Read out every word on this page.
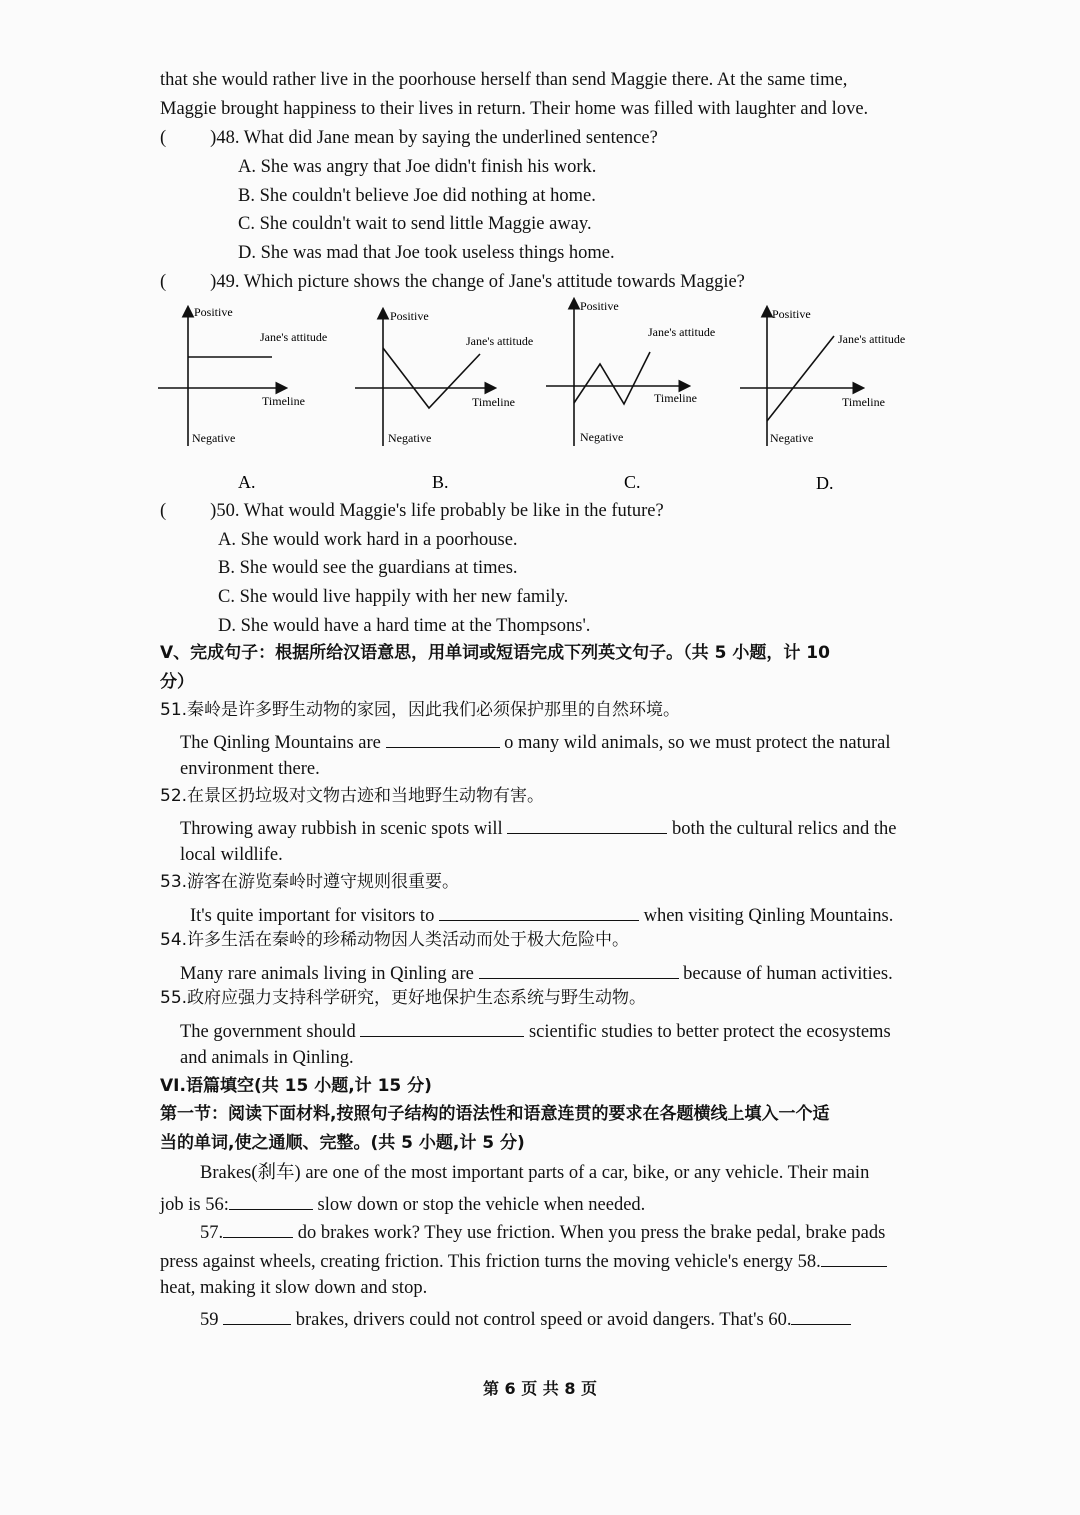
that she would rather live in the poorhouse herself than send Maggie there. At the same time,
Maggie brought happiness to their lives in return. Their home was filled with laughter and love.
( )48. What did Jane mean by saying the underlined sentence?
A. She was angry that Joe didn't finish his work.
B. She couldn't believe Joe did nothing at home.
C. She couldn't wait to send little Maggie away.
D. She was mad that Joe took useless things home.
( )49. Which picture shows the change of Jane's attitude towards Maggie?
Positive
Negative
Timeline
Jane's attitude
A.
Positive
Negative
Timeline
Jane's attitude
B.
Positive
Negative
Timeline
Jane's attitude
C.
Positive
Negative
Timeline
Jane's attitude
D.
( )50. What would Maggie's life probably be like in the future?
A. She would work hard in a poorhouse.
B. She would see the guardians at times.
C. She would live happily with her new family.
D. She would have a hard time at the Thompsons'.
V、完成句子：根据所给汉语意思，用单词或短语完成下列英文句子。（共 5 小题，计 10
分）
51.秦岭是许多野生动物的家园，因此我们必须保护那里的自然环境。
The Qinling Mountains are	o many wild animals, so we must protect the natural
environment there.
52.在景区扔垃圾对文物古迹和当地野生动物有害。
Throwing away rubbish in scenic spots will	both the cultural relics and the
local wildlife.
53.游客在游览秦岭时遵守规则很重要。
It's quite important for visitors to	when visiting Qinling Mountains.
54.许多生活在秦岭的珍稀动物因人类活动而处于极大危险中。
Many rare animals living in Qinling are	because of human activities.
55.政府应强力支持科学研究，更好地保护生态系统与野生动物。
The government should	scientific studies to better protect the ecosystems
and animals in Qinling.
VI.语篇填空(共 15 小题,计 15 分)
第一节：阅读下面材料,按照句子结构的语法性和语意连贯的要求在各题横线上填入一个适
当的单词,使之通顺、完整。(共 5 小题,计 5 分)
Brakes(刹车) are one of the most important parts of a car, bike, or any vehicle. Their main
job is 56:	slow down or stop the vehicle when needed.
57.	do brakes work? They use friction. When you press the brake pedal, brake pads
press against wheels, creating friction. This friction turns the moving vehicle's energy 58.
heat, making it slow down and stop.
59	brakes, drivers could not control speed or avoid dangers. That's 60.
第 6 页 共 8 页
